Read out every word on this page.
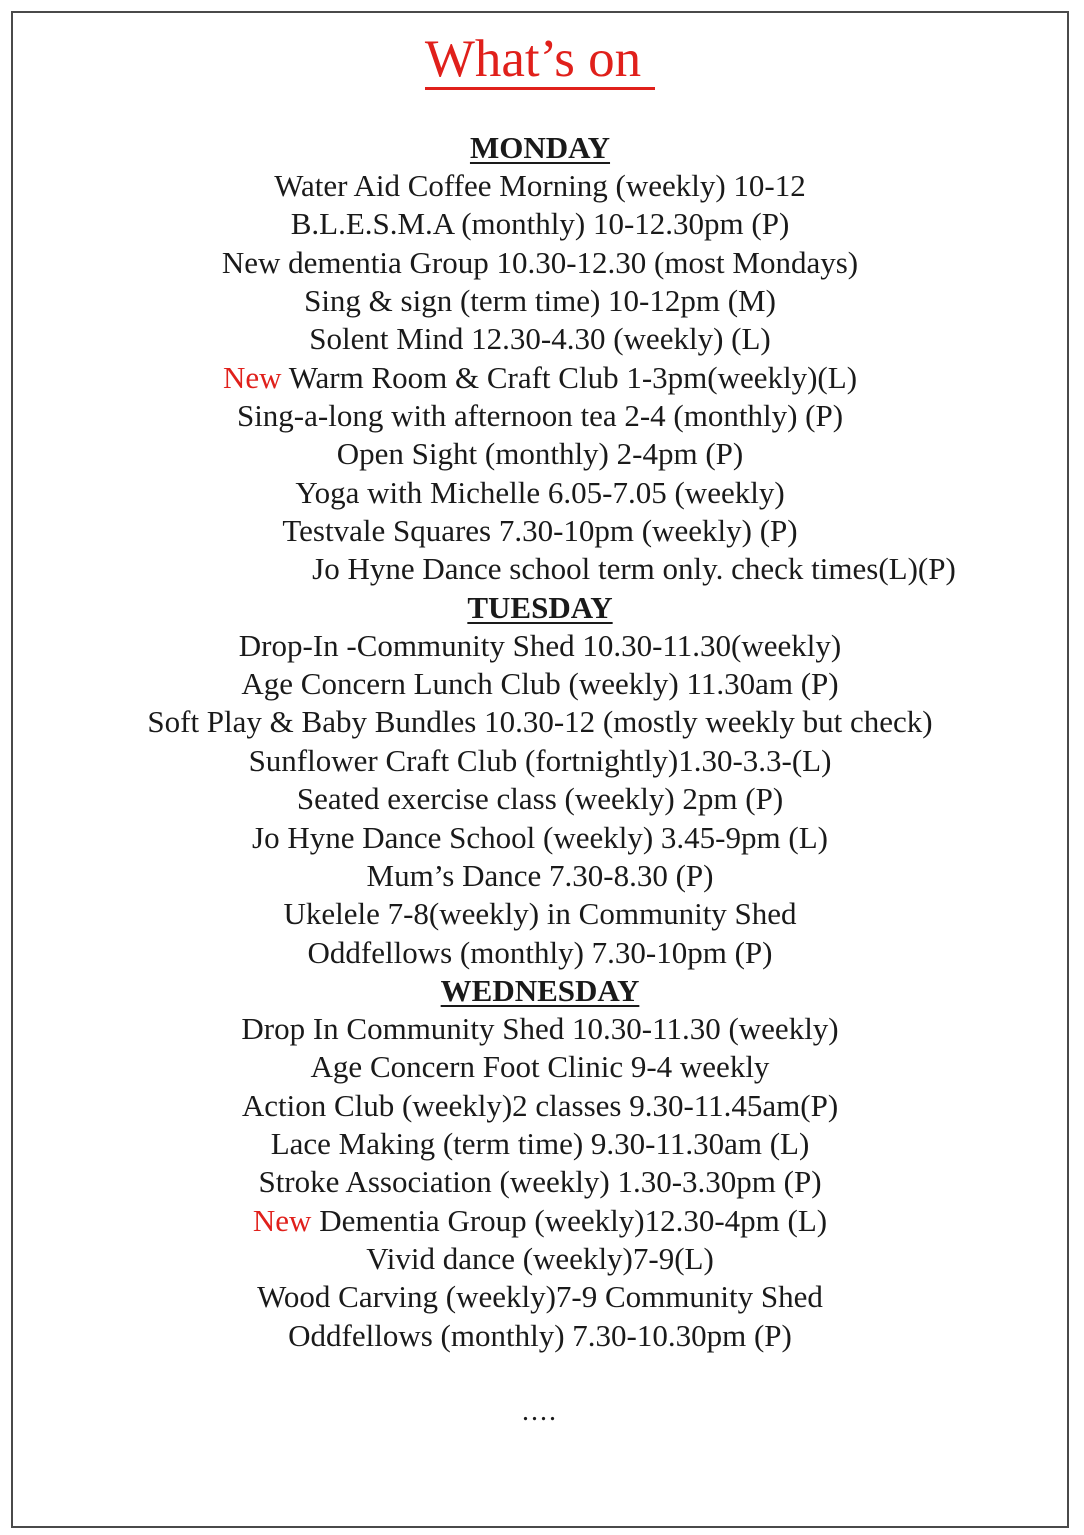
What’s on
MONDAY
Water Aid Coffee Morning (weekly) 10-12
B.L.E.S.M.A (monthly) 10-12.30pm (P)
New dementia Group 10.30-12.30 (most Mondays)
Sing & sign (term time) 10-12pm (M)
Solent Mind 12.30-4.30 (weekly) (L)
New Warm Room & Craft Club 1-3pm(weekly)(L)
Sing-a-long with afternoon tea 2-4 (monthly) (P)
Open Sight (monthly) 2-4pm (P)
Yoga with Michelle 6.05-7.05 (weekly)
Testvale Squares 7.30-10pm (weekly) (P)
Jo Hyne Dance school term only. check times(L)(P)
TUESDAY
Drop-In -Community Shed 10.30-11.30(weekly)
Age Concern Lunch Club (weekly) 11.30am (P)
Soft Play & Baby Bundles 10.30-12 (mostly weekly but check)
Sunflower Craft Club (fortnightly)1.30-3.3-(L)
Seated exercise class (weekly) 2pm (P)
Jo Hyne Dance School (weekly) 3.45-9pm (L)
Mum’s Dance 7.30-8.30 (P)
Ukelele 7-8(weekly) in Community Shed
Oddfellows (monthly) 7.30-10pm (P)
WEDNESDAY
Drop In Community Shed 10.30-11.30 (weekly)
Age Concern Foot Clinic 9-4 weekly
Action Club (weekly)2 classes 9.30-11.45am(P)
Lace Making (term time) 9.30-11.30am (L)
Stroke Association (weekly) 1.30-3.30pm (P)
New Dementia Group (weekly)12.30-4pm (L)
Vivid dance (weekly)7-9(L)
Wood Carving (weekly)7-9 Community Shed
Oddfellows (monthly) 7.30-10.30pm (P)
....
